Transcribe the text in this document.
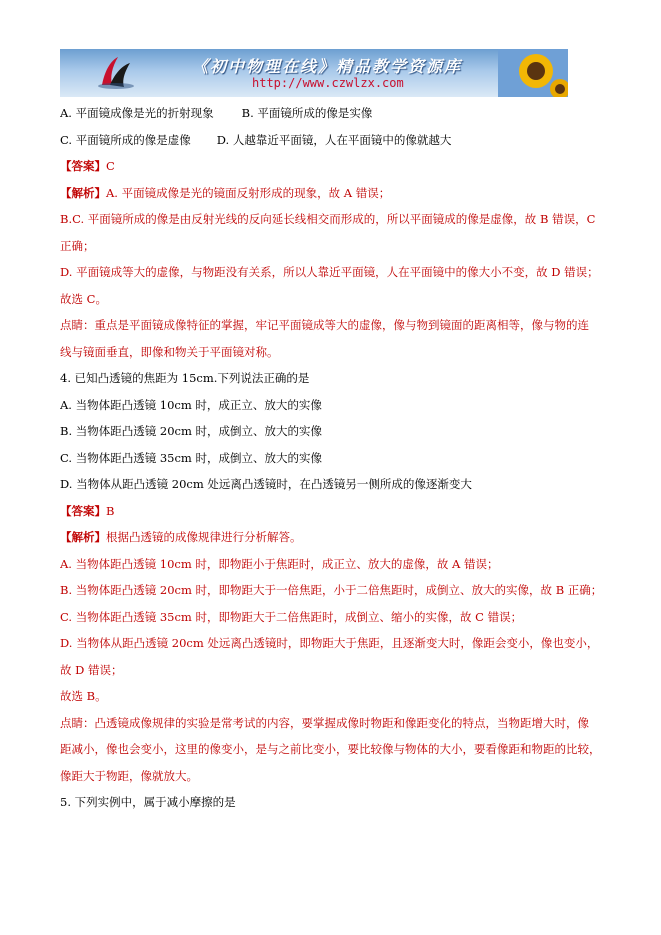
《初中物理在线》精品教学资源库
http://www.czwlzx.com
A. 平面镜成像是光的折射现象 B. 平面镜所成的像是实像
C. 平面镜所成的像是虚像 D. 人越靠近平面镜，人在平面镜中的像就越大
【答案】C
【解析】A. 平面镜成像是光的镜面反射形成的现象，故 A 错误；
B.C. 平面镜所成的像是由反射光线的反向延长线相交而形成的，所以平面镜成的像是虚像，故 B 错误，C
正确；
D. 平面镜成等大的虚像，与物距没有关系，所以人靠近平面镜，人在平面镜中的像大小不变，故 D 错误；
故选 C。
点睛：重点是平面镜成像特征的掌握，牢记平面镜成等大的虚像，像与物到镜面的距离相等，像与物的连
线与镜面垂直，即像和物关于平面镜对称。
4. 已知凸透镜的焦距为 15cm.下列说法正确的是
A. 当物体距凸透镜 10cm 时，成正立、放大的实像
B. 当物体距凸透镜 20cm 时，成倒立、放大的实像
C. 当物体距凸透镜 35cm 时，成倒立、放大的实像
D. 当物体从距凸透镜 20cm 处远离凸透镜时，在凸透镜另一侧所成的像逐渐变大
【答案】B
【解析】根据凸透镜的成像规律进行分析解答。
A. 当物体距凸透镜 10cm 时，即物距小于焦距时，成正立、放大的虚像，故 A 错误；
B. 当物体距凸透镜 20cm 时，即物距大于一倍焦距，小于二倍焦距时，成倒立、放大的实像，故 B 正确；
C. 当物体距凸透镜 35cm 时，即物距大于二倍焦距时，成倒立、缩小的实像，故 C 错误；
D. 当物体从距凸透镜 20cm 处远离凸透镜时，即物距大于焦距，且逐渐变大时，像距会变小，像也变小，
故 D 错误；
故选 B。
点睛：凸透镜成像规律的实验是常考试的内容，要掌握成像时物距和像距变化的特点，当物距增大时，像
距减小，像也会变小，这里的像变小，是与之前比变小，要比较像与物体的大小，要看像距和物距的比较，
像距大于物距，像就放大。
5. 下列实例中，属于减小摩擦的是
